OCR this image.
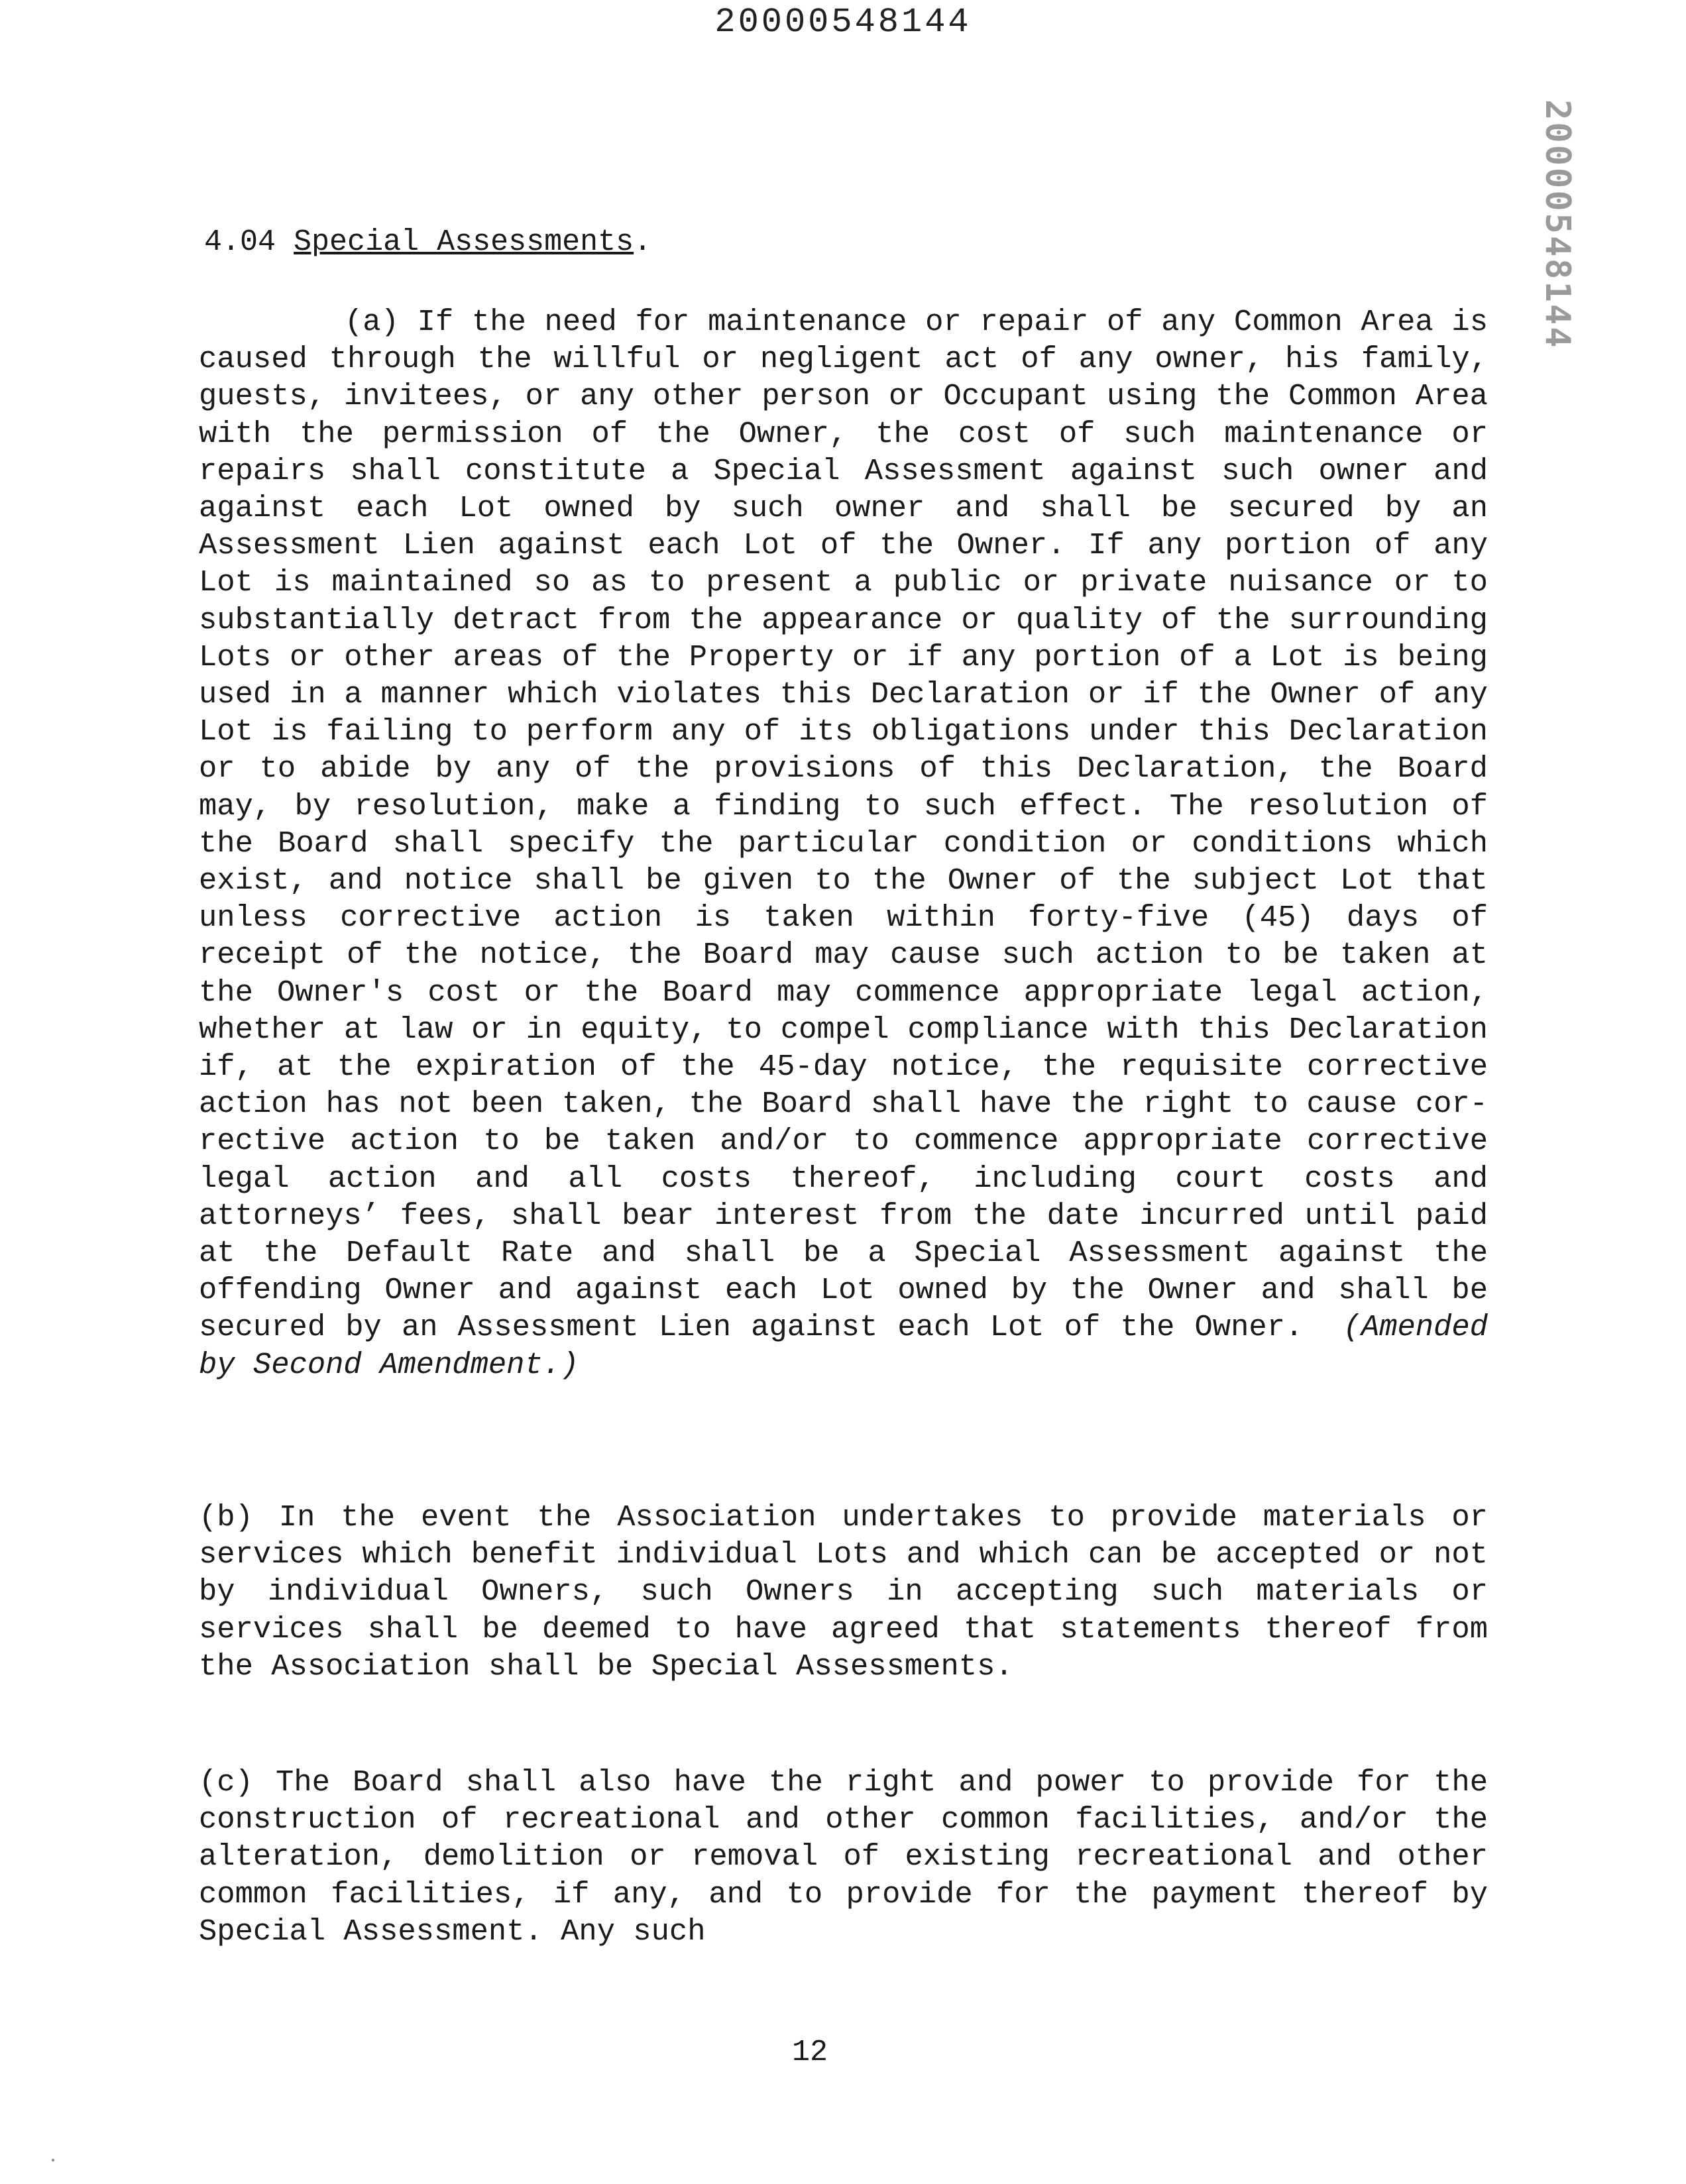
20000548144
20000548144
4.04 Special Assessments.
(a) If the need for maintenance or repair of any Common Area is caused through the willful or negligent act of any owner, his family, guests, invitees, or any other person or Occupant using the Common Area with the permission of the Owner, the cost of such maintenance or repairs shall constitute a Special Assessment against such owner and against each Lot owned by such owner and shall be secured by an Assessment Lien against each Lot of the Owner. If any portion of any Lot is maintained so as to present a public or private nuisance or to substantially detract from the appearance or quality of the surrounding Lots or other areas of the Property or if any portion of a Lot is being used in a manner which violates this Declaration or if the Owner of any Lot is failing to perform any of its obligations under this Declaration or to abide by any of the provisions of this Declaration, the Board may, by resolution, make a finding to such effect. The resolution of the Board shall specify the particular condition or conditions which exist, and notice shall be given to the Owner of the subject Lot that unless corrective action is taken within forty-five (45) days of receipt of the notice, the Board may cause such action to be taken at the Owner's cost or the Board may commence appropriate legal action, whether at law or in equity, to compel compliance with this Declaration if, at the expiration of the 45-day notice, the requisite corrective action has not been taken, the Board shall have the right to cause cor-rective action to be taken and/or to commence appropriate corrective legal action and all costs thereof, including court costs and attorneys’ fees, shall bear interest from the date incurred until paid at the Default Rate and shall be a Special Assessment against the offending Owner and against each Lot owned by the Owner and shall be secured by an Assessment Lien against each Lot of the Owner. (Amended by Second Amendment.)
(b) In the event the Association undertakes to provide materials or services which benefit individual Lots and which can be accepted or not by individual Owners, such Owners in accepting such materials or services shall be deemed to have agreed that statements thereof from the Association shall be Special Assessments.
(c) The Board shall also have the right and power to provide for the construction of recreational and other common facilities, and/or the alteration, demolition or removal of existing recreational and other common facilities, if any, and to provide for the payment thereof by Special Assessment. Any such
12
